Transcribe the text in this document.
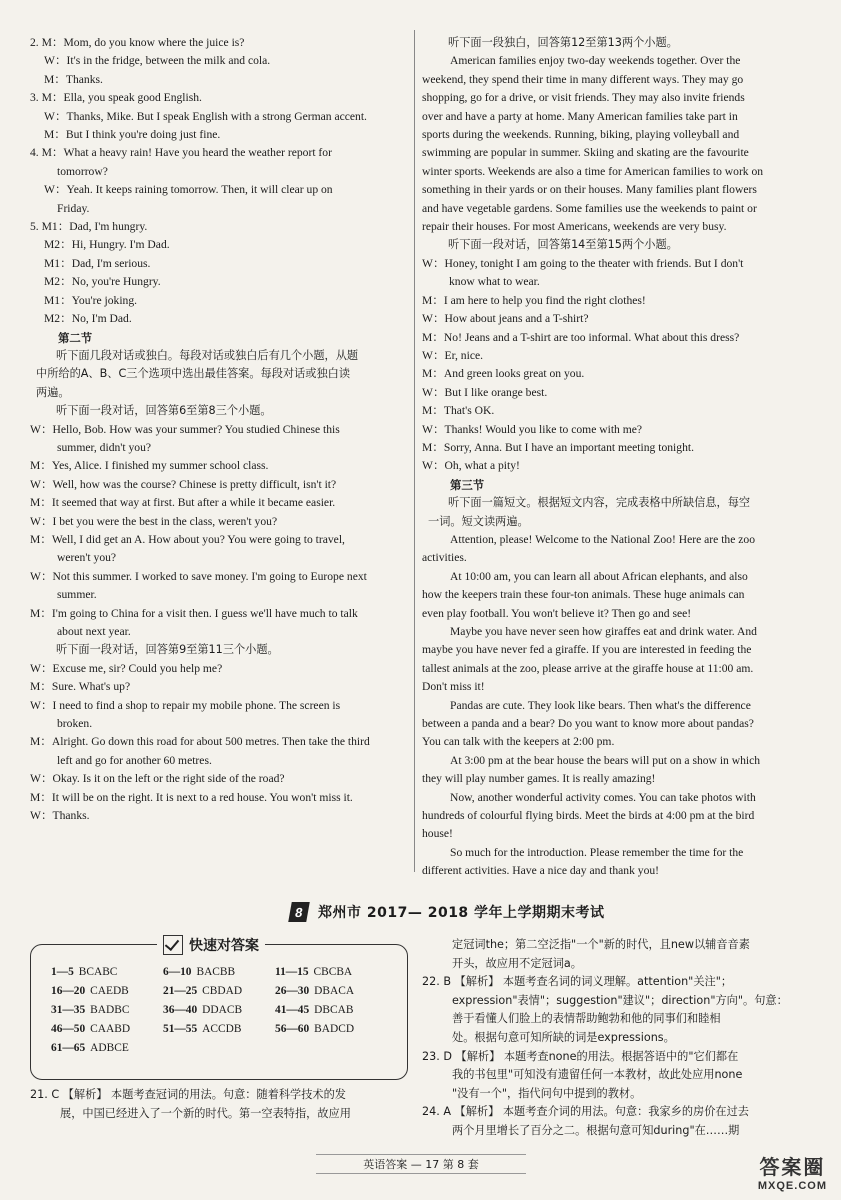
2. M：Mom, do you know where the juice is?
W：It's in the fridge, between the milk and cola.
M：Thanks.
3. M：Ella, you speak good English.
W：Thanks, Mike. But I speak English with a strong German accent.
M：But I think you're doing just fine.
4. M：What a heavy rain! Have you heard the weather report for
tomorrow?
W：Yeah. It keeps raining tomorrow. Then, it will clear up on
Friday.
5. M1：Dad, I'm hungry.
M2：Hi, Hungry. I'm Dad.
M1：Dad, I'm serious.
M2：No, you're Hungry.
M1：You're joking.
M2：No, I'm Dad.
第二节
听下面几段对话或独白。每段对话或独白后有几个小题，从题
中所给的A、B、C三个选项中选出最佳答案。每段对话或独白读
两遍。
听下面一段对话，回答第6至第8三个小题。
W：Hello, Bob. How was your summer? You studied Chinese this
summer, didn't you?
M：Yes, Alice. I finished my summer school class.
W：Well, how was the course? Chinese is pretty difficult, isn't it?
M：It seemed that way at first. But after a while it became easier.
W：I bet you were the best in the class, weren't you?
M：Well, I did get an A. How about you? You were going to travel,
weren't you?
W：Not this summer. I worked to save money. I'm going to Europe next
summer.
M：I'm going to China for a visit then. I guess we'll have much to talk
about next year.
听下面一段对话，回答第9至第11三个小题。
W：Excuse me, sir? Could you help me?
M：Sure. What's up?
W：I need to find a shop to repair my mobile phone. The screen is
broken.
M：Alright. Go down this road for about 500 metres. Then take the third
left and go for another 60 metres.
W：Okay. Is it on the left or the right side of the road?
M：It will be on the right. It is next to a red house. You won't miss it.
W：Thanks.
听下面一段独白，回答第12至第13两个小题。
American families enjoy two-day weekends together. Over the
weekend, they spend their time in many different ways. They may go
shopping, go for a drive, or visit friends. They may also invite friends
over and have a party at home. Many American families take part in
sports during the weekends. Running, biking, playing volleyball and
swimming are popular in summer. Skiing and skating are the favourite
winter sports. Weekends are also a time for American families to work on
something in their yards or on their houses. Many families plant flowers
and have vegetable gardens. Some families use the weekends to paint or
repair their houses. For most Americans, weekends are very busy.
听下面一段对话，回答第14至第15两个小题。
W：Honey, tonight I am going to the theater with friends. But I don't
know what to wear.
M：I am here to help you find the right clothes!
W：How about jeans and a T-shirt?
M：No! Jeans and a T-shirt are too informal. What about this dress?
W：Er, nice.
M：And green looks great on you.
W：But I like orange best.
M：That's OK.
W：Thanks! Would you like to come with me?
M：Sorry, Anna. But I have an important meeting tonight.
W：Oh, what a pity!
第三节
听下面一篇短文。根据短文内容，完成表格中所缺信息，每空
一词。短文读两遍。
Attention, please! Welcome to the National Zoo! Here are the zoo
activities.
At 10:00 am, you can learn all about African elephants, and also
how the keepers train these four-ton animals. These huge animals can
even play football. You won't believe it? Then go and see!
Maybe you have never seen how giraffes eat and drink water. And
maybe you have never fed a giraffe. If you are interested in feeding the
tallest animals at the zoo, please arrive at the giraffe house at 11:00 am.
Don't miss it!
Pandas are cute. They look like bears. Then what's the difference
between a panda and a bear? Do you want to know more about pandas?
You can talk with the keepers at 2:00 pm.
At 3:00 pm at the bear house the bears will put on a show in which
they will play number games. It is really amazing!
Now, another wonderful activity comes. You can take photos with
hundreds of colourful flying birds. Meet the birds at 4:00 pm at the bird
house!
So much for the introduction. Please remember the time for the
different activities. Have a nice day and thank you!
8	郑州市 2017— 2018 学年上学期期末考试
快速对答案
1—5 BCABC	6—10 BACBB	11—15 CBCBA
16—20 CAEDB	21—25 CBDAD	26—30 DBACA
31—35 BADBC	36—40 DDACB	41—45 DBCAB
46—50 CAABD	51—55 ACCDB	56—60 BADCD
61—65 ADBCE
21. C 【解析】 本题考查冠词的用法。句意：随着科学技术的发
展，中国已经进入了一个新的时代。第一空表特指，故应用
定冠词the；第二空泛指"一个"新的时代，且new以辅音音素
开头，故应用不定冠词a。
22. B 【解析】 本题考查名词的词义理解。attention"关注"；
expression"表情"；suggestion"建议"；direction"方向"。句意：
善于看懂人们脸上的表情帮助鲍勃和他的同事们和睦相
处。根据句意可知所缺的词是expressions。
23. D 【解析】 本题考查none的用法。根据答语中的"它们都在
我的书包里"可知没有遗留任何一本教材，故此处应用none
"没有一个"，指代问句中提到的教材。
24. A 【解析】 本题考查介词的用法。句意：我家乡的房价在过去
两个月里增长了百分之二。根据句意可知during"在……期
英语答案 — 17 第 8 套	答案圈
MXQE.COM
